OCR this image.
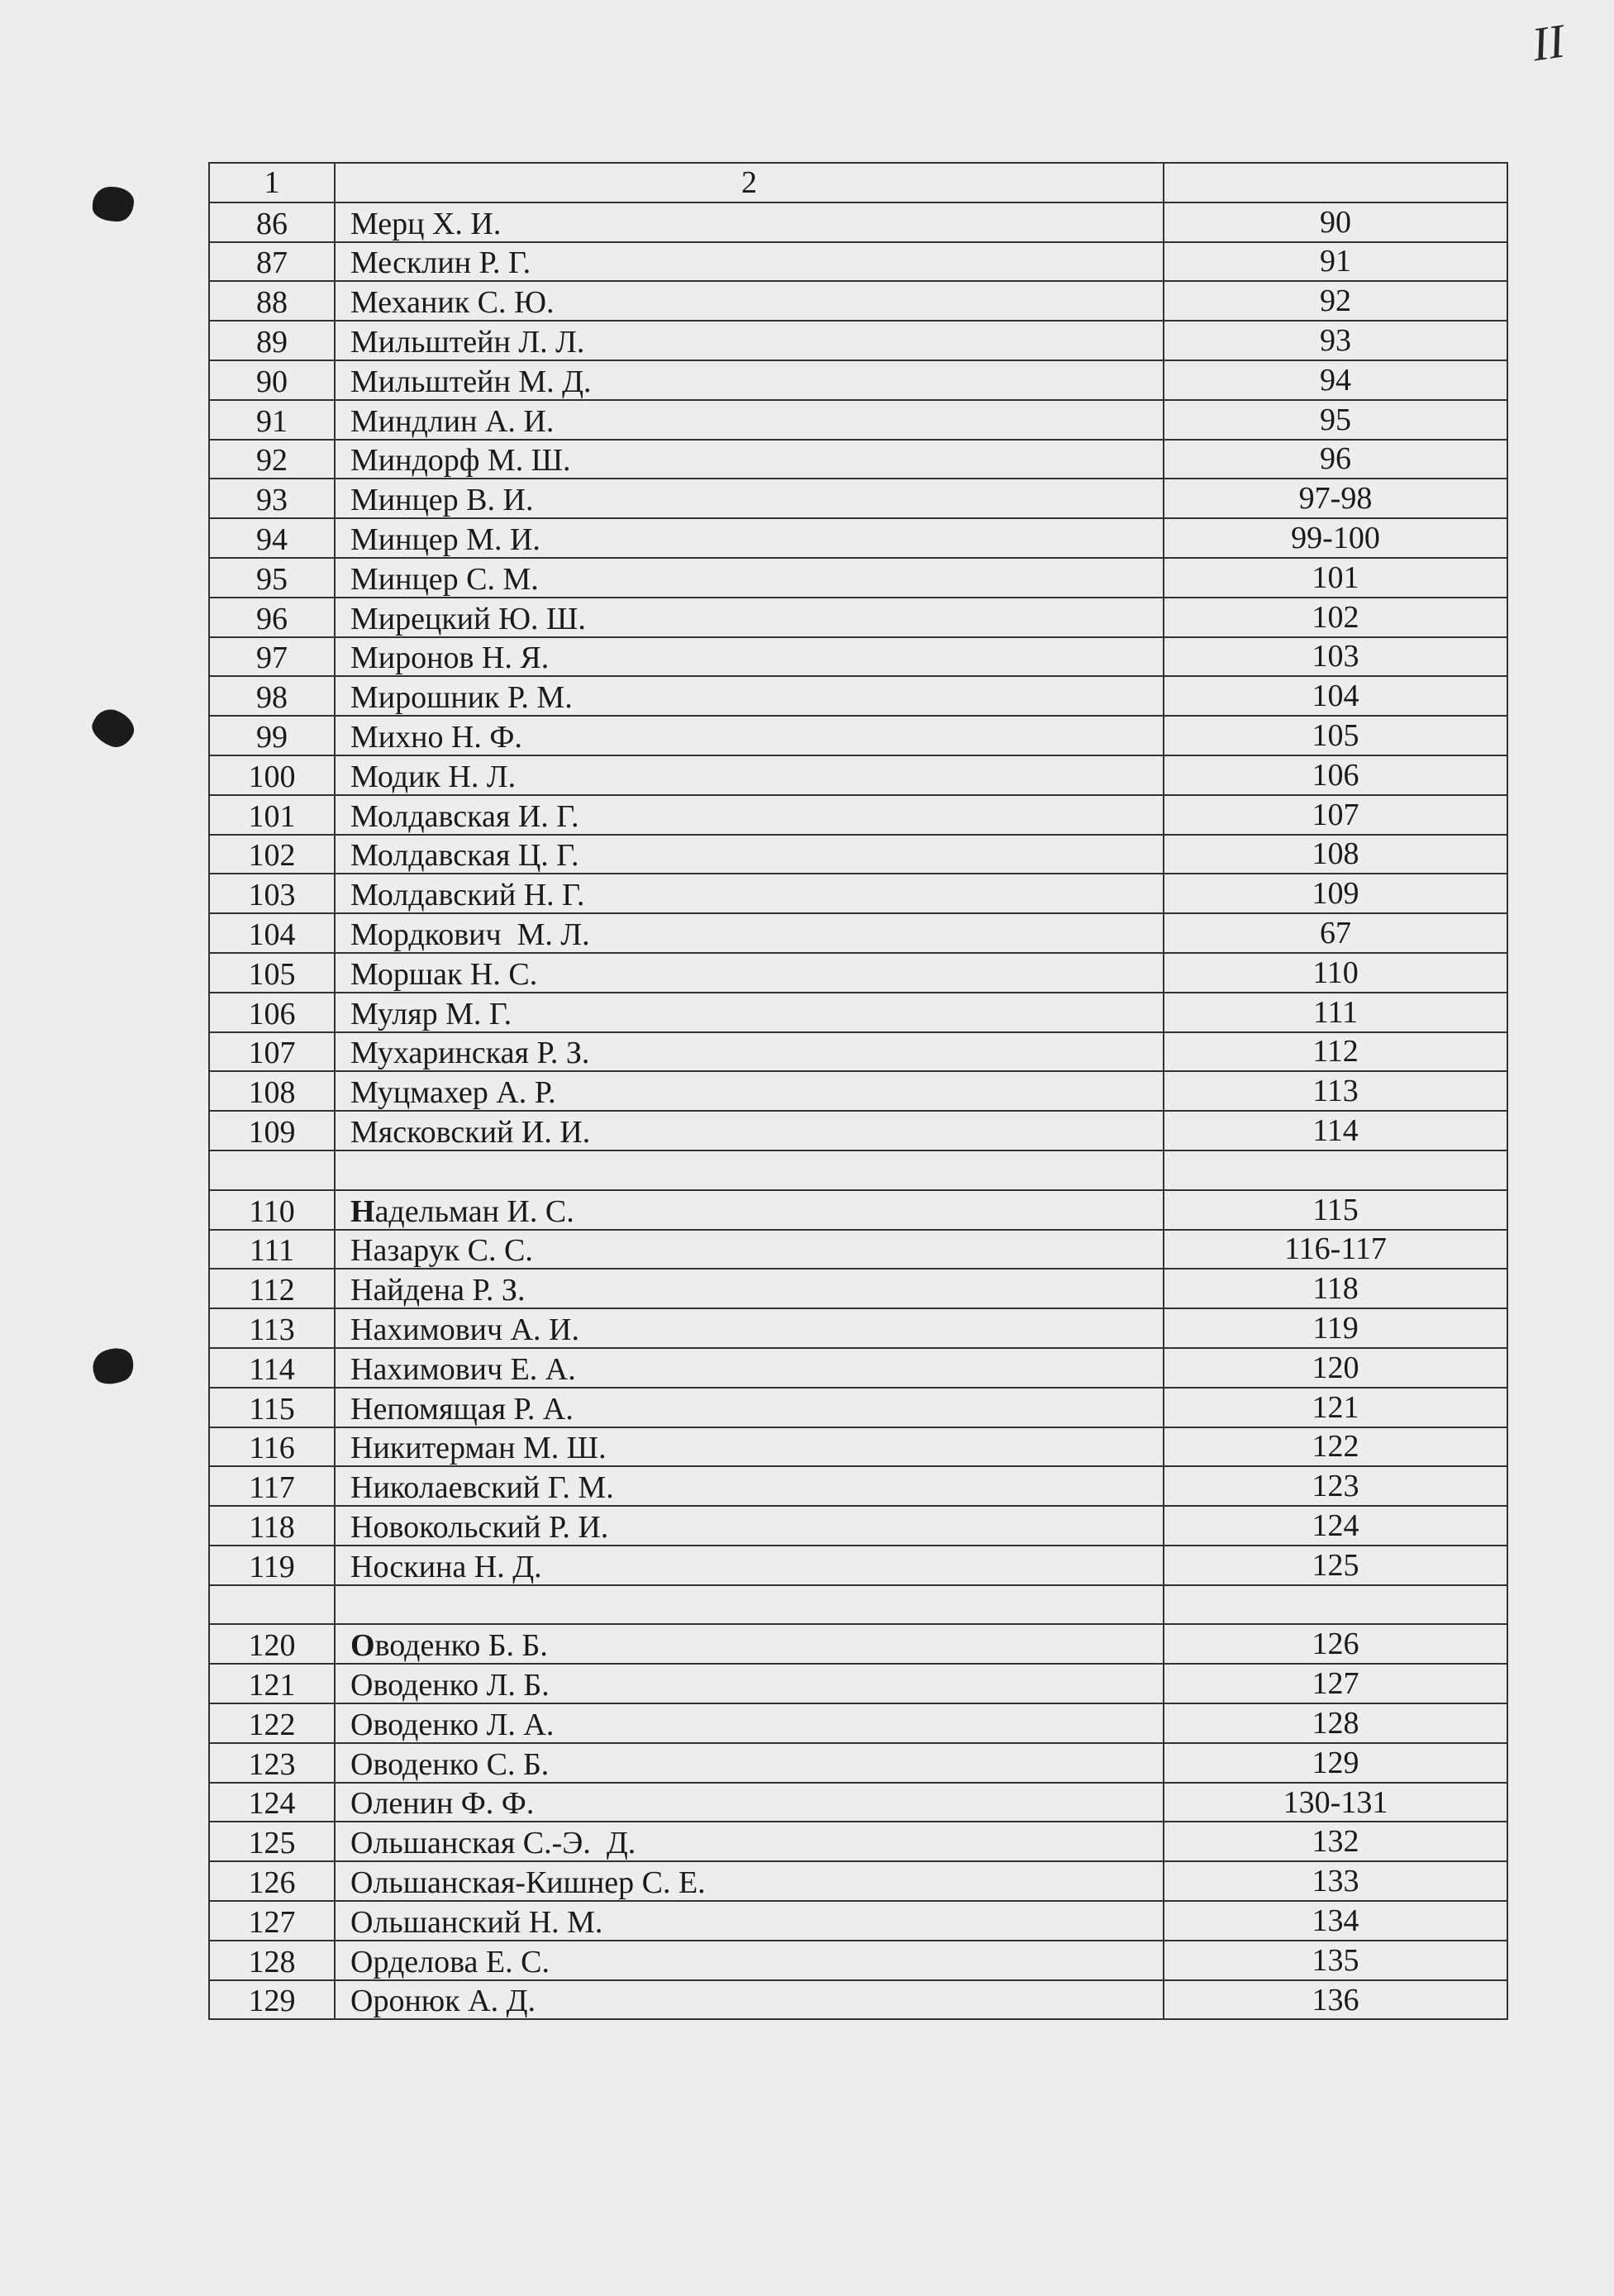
II
1	2	
86	Мерц Х. И.	90
87	Месклин Р. Г.	91
88	Механик С. Ю.	92
89	Мильштейн Л. Л.	93
90	Мильштейн М. Д.	94
91	Миндлин А. И.	95
92	Миндорф М. Ш.	96
93	Минцер В. И.	97-98
94	Минцер М. И.	99-100
95	Минцер С. М.	101
96	Мирецкий Ю. Ш.	102
97	Миронов Н. Я.	103
98	Мирошник Р. М.	104
99	Михно Н. Ф.	105
100	Модик Н. Л.	106
101	Молдавская И. Г.	107
102	Молдавская Ц. Г.	108
103	Молдавский Н. Г.	109
104	Мордкович  М. Л.	67
105	Моршак Н. С.	110
106	Муляр М. Г.	111
107	Мухаринская Р. З.	112
108	Муцмахер А. Р.	113
109	Мясковский И. И.	114

110	Надельман И. С.	115
111	Назарук С. С.	116-117
112	Найдена Р. З.	118
113	Нахимович А. И.	119
114	Нахимович Е. А.	120
115	Непомящая Р. А.	121
116	Никитерман М. Ш.	122
117	Николаевский Г. М.	123
118	Новокольский Р. И.	124
119	Носкина Н. Д.	125

120	Оводенко Б. Б.	126
121	Оводенко Л. Б.	127
122	Оводенко Л. А.	128
123	Оводенко С. Б.	129
124	Оленин Ф. Ф.	130-131
125	Ольшанская С.-Э.  Д.	132
126	Ольшанская-Кишнер С. Е.	133
127	Ольшанский Н. М.	134
128	Орделова Е. С.	135
129	Оронюк А. Д.	136
